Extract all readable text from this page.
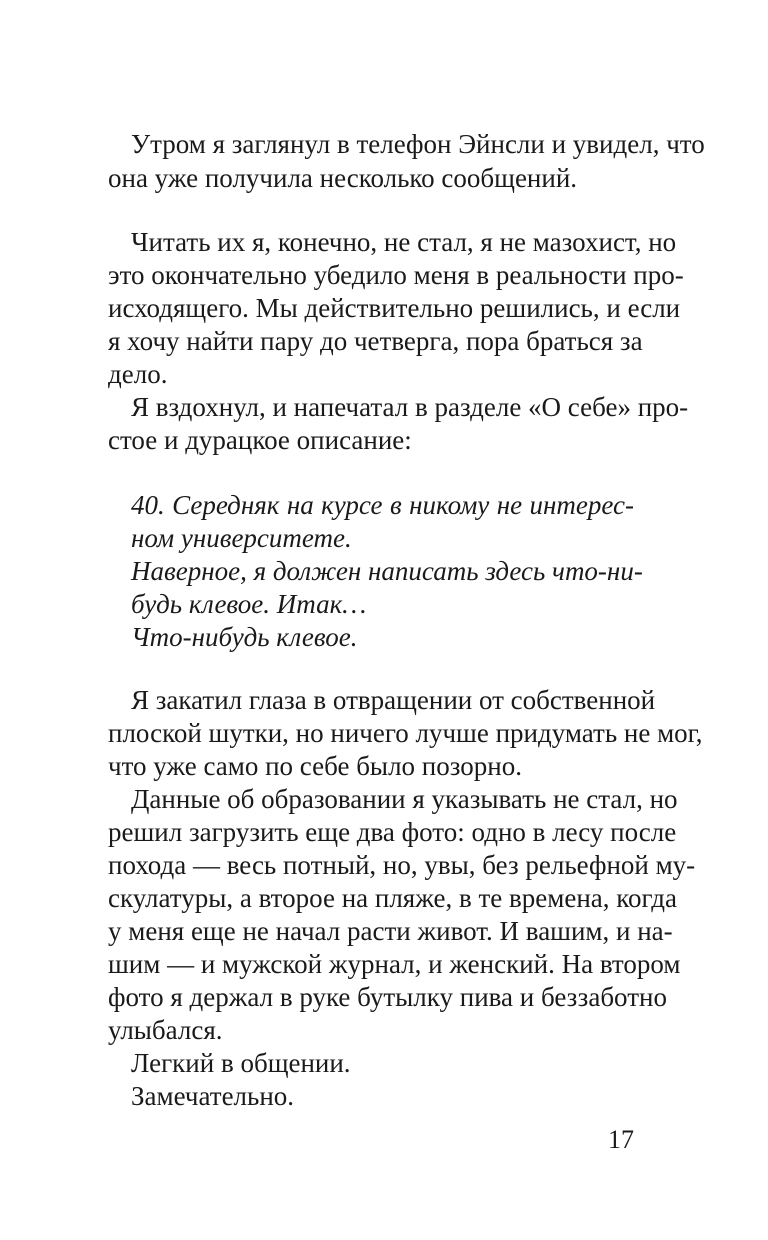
Утром я заглянул в телефон Эйнсли и увидел, что
она уже получила несколько сообщений.
Читать их я, конечно, не стал, я не мазохист, но
это окончательно убедило меня в реальности про-
исходящего. Мы действительно решились, и если
я хочу найти пару до четверга, пора браться за
дело.
Я вздохнул, и напечатал в разделе «О себе» про-
стое и дурацкое описание:
40. Середняк на курсе в никому не интерес-
ном университете.
Наверное, я должен написать здесь что-ни-
будь клевое. Итак…
Что-нибудь клевое.
Я закатил глаза в отвращении от собственной
плоской шутки, но ничего лучше придумать не мог,
что уже само по себе было позорно.
Данные об образовании я указывать не стал, но
решил загрузить еще два фото: одно в лесу после
похода — весь потный, но, увы, без рельефной му-
скулатуры, а второе на пляже, в те времена, когда
у меня еще не начал расти живот. И вашим, и на-
шим — и мужской журнал, и женский. На втором
фото я держал в руке бутылку пива и беззаботно
улыбался.
Легкий в общении.
Замечательно.
17
